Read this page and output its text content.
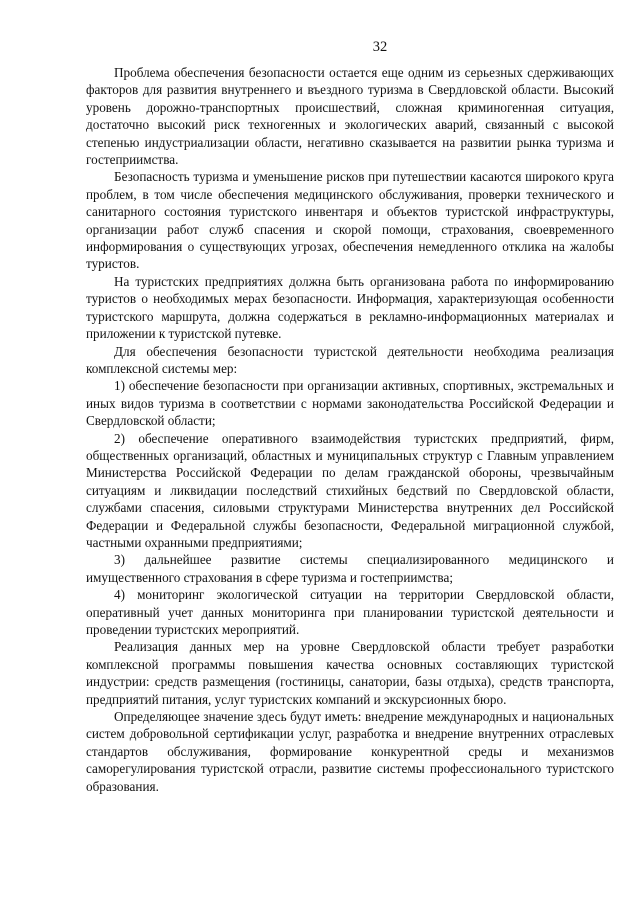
32

Проблема обеспечения безопасности остается еще одним из серьезных сдерживающих факторов для развития внутреннего и въездного туризма в Свердловской области. Высокий уровень дорожно-транспортных происшествий, сложная криминогенная ситуация, достаточно высокий риск техногенных и экологических аварий, связанный с высокой степенью индустриализации области, негативно сказывается на развитии рынка туризма и гостеприимства.

Безопасность туризма и уменьшение рисков при путешествии касаются широкого круга проблем, в том числе обеспечения медицинского обслуживания, проверки технического и санитарного состояния туристского инвентаря и объектов туристской инфраструктуры, организации работ служб спасения и скорой помощи, страхования, своевременного информирования о существующих угрозах, обеспечения немедленного отклика на жалобы туристов.

На туристских предприятиях должна быть организована работа по информированию туристов о необходимых мерах безопасности. Информация, характеризующая особенности туристского маршрута, должна содержаться в рекламно-информационных материалах и приложении к туристской путевке.

Для обеспечения безопасности туристской деятельности необходима реализация комплексной системы мер:

1) обеспечение безопасности при организации активных, спортивных, экстремальных и иных видов туризма в соответствии с нормами законодательства Российской Федерации и Свердловской области;

2) обеспечение оперативного взаимодействия туристских предприятий, фирм, общественных организаций, областных и муниципальных структур с Главным управлением Министерства Российской Федерации по делам гражданской обороны, чрезвычайным ситуациям и ликвидации последствий стихийных бедствий по Свердловской области, службами спасения, силовыми структурами Министерства внутренних дел Российской Федерации и Федеральной службы безопасности, Федеральной миграционной службой, частными охранными предприятиями;

3) дальнейшее развитие системы специализированного медицинского и имущественного страхования в сфере туризма и гостеприимства;

4) мониторинг экологической ситуации на территории Свердловской области, оперативный учет данных мониторинга при планировании туристской деятельности и проведении туристских мероприятий.

Реализация данных мер на уровне Свердловской области требует разработки комплексной программы повышения качества основных составляющих туристской индустрии: средств размещения (гостиницы, санатории, базы отдыха), средств транспорта, предприятий питания, услуг туристских компаний и экскурсионных бюро.

Определяющее значение здесь будут иметь: внедрение международных и национальных систем добровольной сертификации услуг, разработка и внедрение внутренних отраслевых стандартов обслуживания, формирование конкурентной среды и механизмов саморегулирования туристской отрасли, развитие системы профессионального туристского образования.
